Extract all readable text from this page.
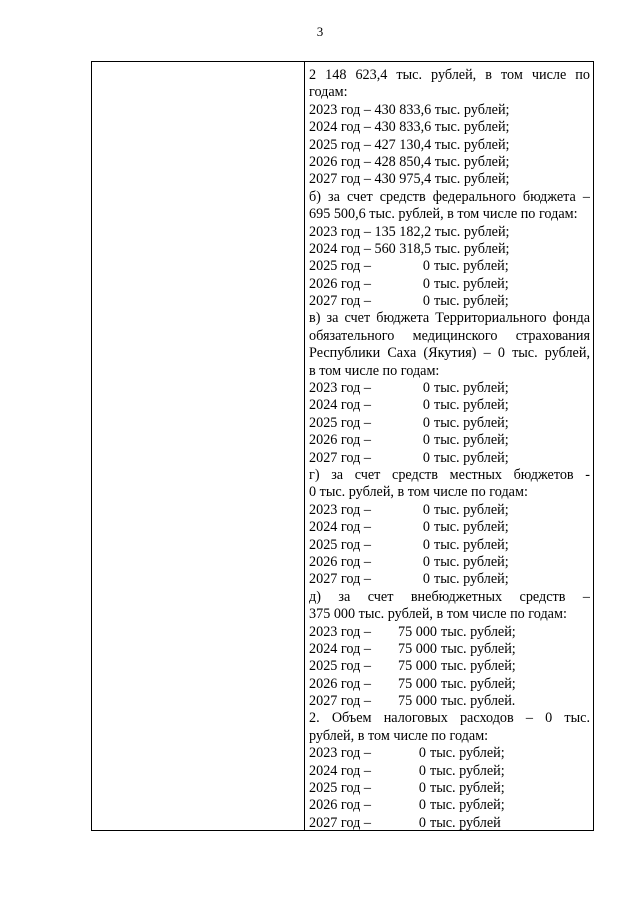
3
2 148 623,4 тыс. рублей, в том числе по
годам:
2023 год – 430 833,6 тыс. рублей;
2024 год – 430 833,6 тыс. рублей;
2025 год – 427 130,4 тыс. рублей;
2026 год – 428 850,4 тыс. рублей;
2027 год – 430 975,4 тыс. рублей;
б) за счет средств федерального бюджета –
695 500,6 тыс. рублей, в том числе по годам:
2023 год – 135 182,2 тыс. рублей;
2024 год – 560 318,5 тыс. рублей;
2025 год –	0 тыс. рублей;
2026 год –	0 тыс. рублей;
2027 год –	0 тыс. рублей;
в) за счет бюджета Территориального фонда
обязательного медицинского страхования
Республики Саха (Якутия) – 0 тыс. рублей,
в том числе по годам:
2023 год –	0 тыс. рублей;
2024 год –	0 тыс. рублей;
2025 год –	0 тыс. рублей;
2026 год –	0 тыс. рублей;
2027 год –	0 тыс. рублей;
г) за счет средств местных бюджетов -
0 тыс. рублей, в том числе по годам:
2023 год –	0 тыс. рублей;
2024 год –	0 тыс. рублей;
2025 год –	0 тыс. рублей;
2026 год –	0 тыс. рублей;
2027 год –	0 тыс. рублей;
д) за счет внебюджетных средств –
375 000 тыс. рублей, в том числе по годам:
2023 год –	75 000 тыс. рублей;
2024 год –	75 000 тыс. рублей;
2025 год –	75 000 тыс. рублей;
2026 год –	75 000 тыс. рублей;
2027 год –	75 000 тыс. рублей.
2. Объем налоговых расходов – 0 тыс.
рублей, в том числе по годам:
2023 год –	0 тыс. рублей;
2024 год –	0 тыс. рублей;
2025 год –	0 тыс. рублей;
2026 год –	0 тыс. рублей;
2027 год –	0 тыс. рублей
